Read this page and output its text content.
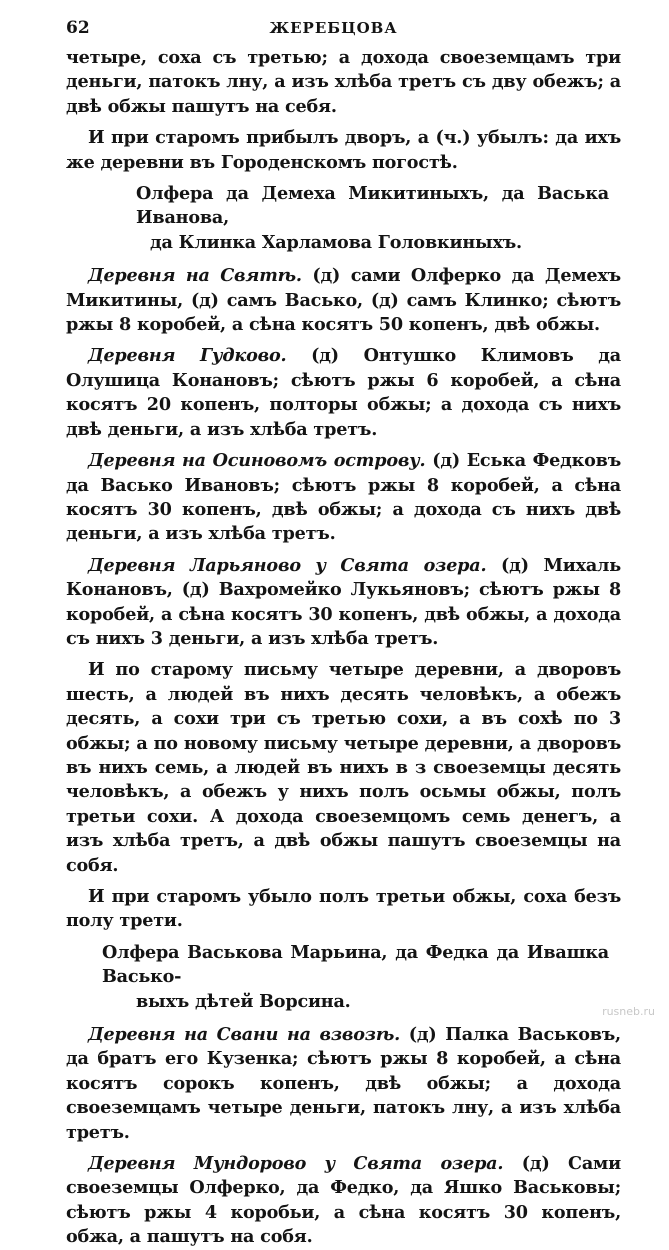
62	ЖЕРЕБЦОВА

четыре, соха съ третью; а дохода своеземцамъ три деньги, патокъ лну, а изъ хлѣба третъ съ дву обежъ; а двѣ обжы пашутъ на себя.

И при старомъ прибылъ дворъ, а (ч.) убылъ: да ихъ же деревни въ Городенскомъ погостѣ.

Олфера да Демеха Микитиныхъ, да Васька Иванова,
да Клинка Харламова Головкиныхъ.

Деревня на Святѣ. (д) сами Олферко да Демехъ Микитины, (д) самъ Васько, (д) самъ Клинко; сѣютъ ржы 8 коробей, а сѣна косятъ 50 копенъ, двѣ обжы.

Деревня Гудково. (д) Онтушко Климовъ да Олушица Конановъ; сѣютъ ржы 6 коробей, а сѣна косятъ 20 копенъ, полторы обжы; а дохода съ нихъ двѣ деньги, а изъ хлѣба третъ.

Деревня на Осиновомъ острову. (д) Еська Федковъ да Васько Ивановъ; сѣютъ ржы 8 коробей, а сѣна косятъ 30 копенъ, двѣ обжы; а дохода съ нихъ двѣ деньги, а изъ хлѣба третъ.

Деревня Ларьяново у Свята озера. (д) Михаль Конановъ, (д) Вахромейко Лукьяновъ; сѣютъ ржы 8 коробей, а сѣна косятъ 30 копенъ, двѣ обжы, а дохода съ нихъ 3 деньги, а изъ хлѣба третъ.

И по старому письму четыре деревни, а дворовъ шесть, а людей въ нихъ десять человѣкъ, а обежъ десять, а сохи три съ третью сохи, а въ сохѣ по 3 обжы; а по новому письму четыре деревни, а дворовъ въ нихъ семь, а людей въ нихъ в з своеземцы десять человѣкъ, а обежъ у нихъ полъ осьмы обжы, полъ третьи сохи. А дохода своеземцомъ семь денегъ, а изъ хлѣба третъ, а двѣ обжы пашутъ своеземцы на собя.

И при старомъ убыло полъ третьи обжы, соха безъ полу трети.

Олфера Васькова Марьина, да Федка да Ивашка Васько-
выхъ дѣтей Ворсина.

Деревня на Свани на взвозѣ. (д) Палка Васьковъ, да братъ его Кузенка; сѣютъ ржы 8 коробей, а сѣна косятъ сорокъ копенъ, двѣ обжы; а дохода своеземцамъ четыре деньги, патокъ лну, а изъ хлѣба третъ.

Деревня Мундорово у Свята озера. (д) Сами своеземцы Олферко, да Федко, да Яшко Васьковы; сѣютъ ржы 4 коробьи, а сѣна косятъ 30 копенъ, обжа, а пашутъ на собя.

rusneb.ru
